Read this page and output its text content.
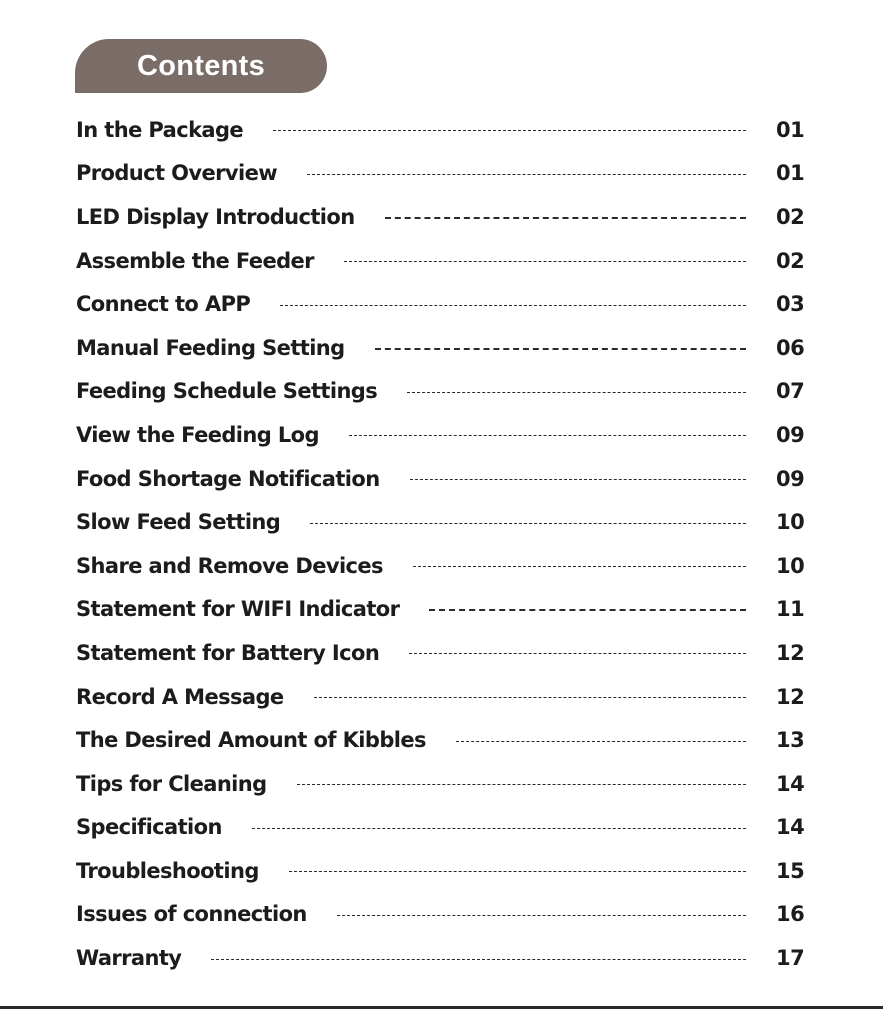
Contents
In the Package	01
Product Overview	01
LED Display Introduction	02
Assemble the Feeder	02
Connect to APP	03
Manual Feeding Setting	06
Feeding Schedule Settings	07
View the Feeding Log	09
Food Shortage Notification	09
Slow Feed Setting	10
Share and Remove Devices	10
Statement for WIFI Indicator	11
Statement for Battery Icon	12
Record A Message	12
The Desired Amount of Kibbles	13
Tips for Cleaning	14
Specification	14
Troubleshooting	15
Issues of connection	16
Warranty	17
